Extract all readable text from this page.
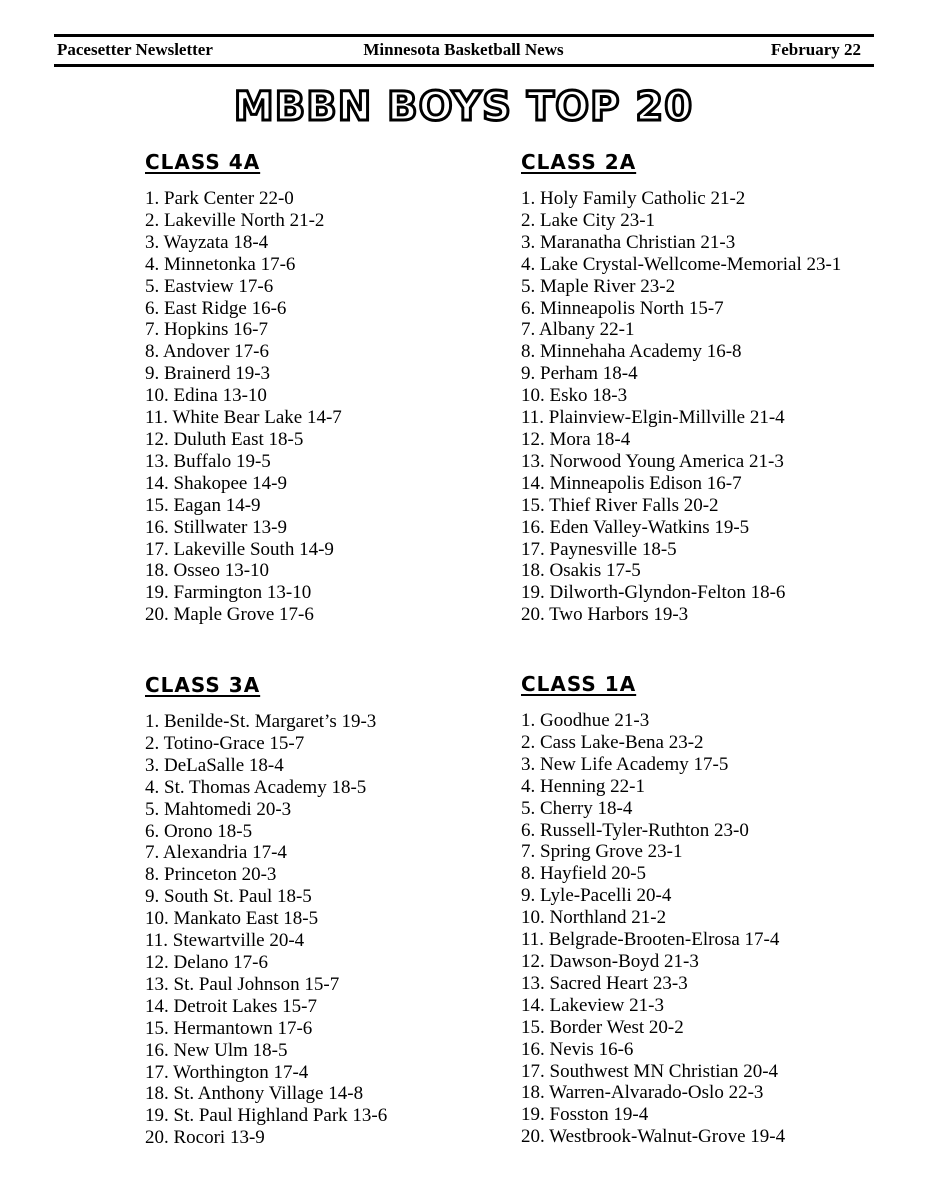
Pacesetter Newsletter	Minnesota Basketball News	February 22
MBBN BOYS TOP 20
CLASS 4A
1. Park Center 22-0
2. Lakeville North 21-2
3. Wayzata 18-4
4. Minnetonka 17-6
5. Eastview 17-6
6. East Ridge 16-6
7. Hopkins 16-7
8. Andover 17-6
9. Brainerd 19-3
10. Edina 13-10
11. White Bear Lake 14-7
12. Duluth East 18-5
13. Buffalo 19-5
14. Shakopee 14-9
15. Eagan 14-9
16. Stillwater 13-9
17. Lakeville South 14-9
18. Osseo 13-10
19. Farmington 13-10
20. Maple Grove 17-6
CLASS 2A
1. Holy Family Catholic 21-2
2. Lake City 23-1
3. Maranatha Christian 21-3
4. Lake Crystal-Wellcome-Memorial 23-1
5. Maple River 23-2
6. Minneapolis North 15-7
7. Albany 22-1
8. Minnehaha Academy 16-8
9. Perham 18-4
10. Esko 18-3
11. Plainview-Elgin-Millville 21-4
12. Mora 18-4
13. Norwood Young America 21-3
14. Minneapolis Edison 16-7
15. Thief River Falls 20-2
16. Eden Valley-Watkins 19-5
17. Paynesville 18-5
18. Osakis 17-5
19. Dilworth-Glyndon-Felton 18-6
20. Two Harbors 19-3
CLASS 3A
1. Benilde-St. Margaret’s 19-3
2. Totino-Grace 15-7
3. DeLaSalle 18-4
4. St. Thomas Academy 18-5
5. Mahtomedi 20-3
6. Orono 18-5
7. Alexandria 17-4
8. Princeton 20-3
9. South St. Paul 18-5
10. Mankato East 18-5
11. Stewartville 20-4
12. Delano 17-6
13. St. Paul Johnson 15-7
14. Detroit Lakes 15-7
15. Hermantown 17-6
16. New Ulm 18-5
17. Worthington 17-4
18. St. Anthony Village 14-8
19. St. Paul Highland Park 13-6
20. Rocori 13-9
CLASS 1A
1. Goodhue 21-3
2. Cass Lake-Bena 23-2
3. New Life Academy 17-5
4. Henning 22-1
5. Cherry 18-4
6. Russell-Tyler-Ruthton 23-0
7. Spring Grove 23-1
8. Hayfield 20-5
9. Lyle-Pacelli 20-4
10. Northland 21-2
11. Belgrade-Brooten-Elrosa 17-4
12. Dawson-Boyd 21-3
13. Sacred Heart 23-3
14. Lakeview 21-3
15. Border West 20-2
16. Nevis 16-6
17. Southwest MN Christian 20-4
18. Warren-Alvarado-Oslo 22-3
19. Fosston 19-4
20. Westbrook-Walnut-Grove 19-4
